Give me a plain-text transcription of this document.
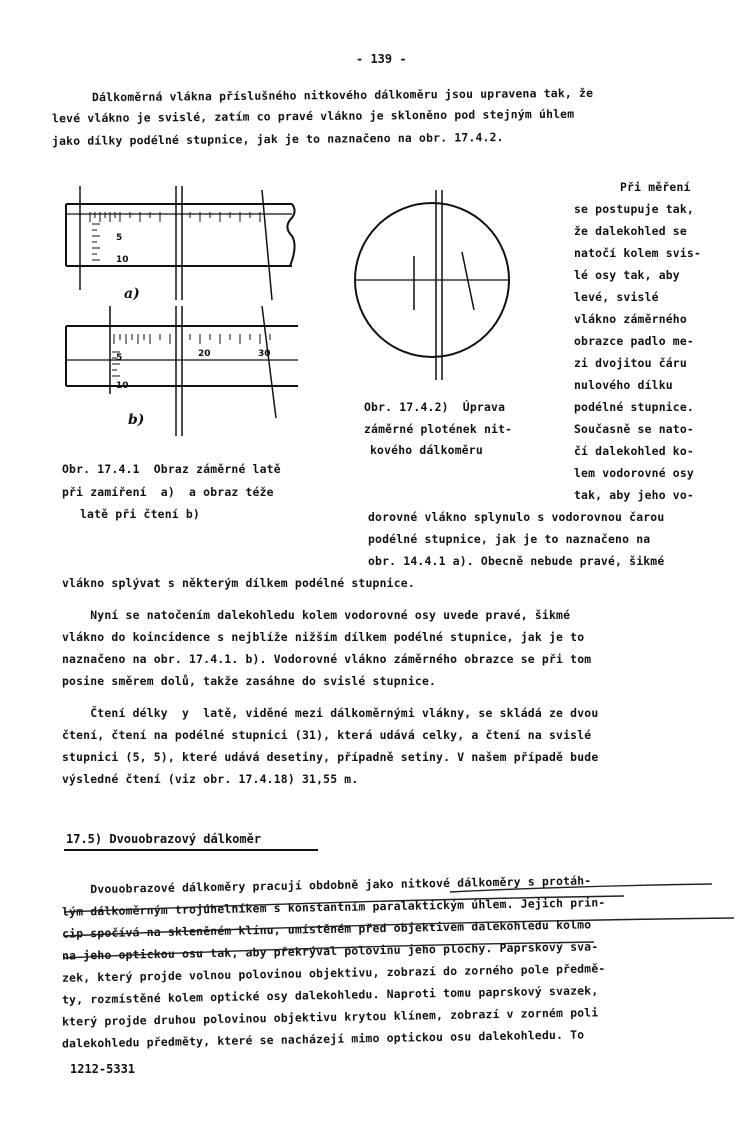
- 139 -
Dálkoměrná vlákna příslušného nitkového dálkoměru jsou upravena tak, že
levé vlákno je svislé, zatím co pravé vlákno je skloněno pod stejným úhlem
jako dílky podélné stupnice, jak je to naznačeno na obr. 17.4.2.
5
10
5
10
20	30
a)
b)
Obr. 17.4.1  Obraz záměrné latě
při zamíření  a)  a obraz téže
latě při čtení b)
Obr. 17.4.2)  Úprava
záměrné plotének nit-
kového dálkoměru
Při měření
se postupuje tak,
že dalekohled se
natočí kolem svis-
lé osy tak, aby
levé, svislé
vlákno záměrného
obrazce padlo me-
zi dvojitou čáru
nulového dílku
podélné stupnice.
Současně se nato-
čí dalekohled ko-
lem vodorovné osy
tak, aby jeho vo-
dorovné vlákno splynulo s vodorovnou čarou
podélné stupnice, jak je to naznačeno na
obr. 14.4.1 a). Obecně nebude pravé, šikmé
vlákno splývat s některým dílkem podélné stupnice.
Nyní se natočením dalekohledu kolem vodorovné osy uvede pravé, šikmé
vlákno do koincidence s nejblíže nižším dílkem podélné stupnice, jak je to
naznačeno na obr. 17.4.1. b). Vodorovné vlákno záměrného obrazce se při tom
posine směrem dolů, takže zasáhne do svislé stupnice.
Čtení délky  y  latě, viděné mezi dálkoměrnými vlákny, se skládá ze dvou
čtení, čtení na podélné stupnici (31), která udává celky, a čtení na svislé
stupnici (5, 5), které udává desetiny, případně setiny. V našem případě bude
výsledné čtení (viz obr. 17.4.18) 31,55 m.
17.5) Dvouobrazový dálkoměr
Dvouobrazové dálkoměry pracují obdobně jako nitkové dálkoměry s protáh-
lým dálkoměrným trojúhelníkem s konstantním paralaktickým úhlem. Jejich prin-
cip spočívá na skleněném klínu, umístěném před objektivem dalekohledu kolmo
na jeho optickou osu tak, aby překrýval polovinu jeho plochy. Paprskový sva-
zek, který projde volnou polovinou objektivu, zobrazí do zorného pole předmě-
ty, rozmístěné kolem optické osy dalekohledu. Naproti tomu paprskový svazek,
který projde druhou polovinou objektivu krytou klínem, zobrazí v zorném poli
dalekohledu předměty, které se nacházejí mimo optickou osu dalekohledu. To
1212-5331
